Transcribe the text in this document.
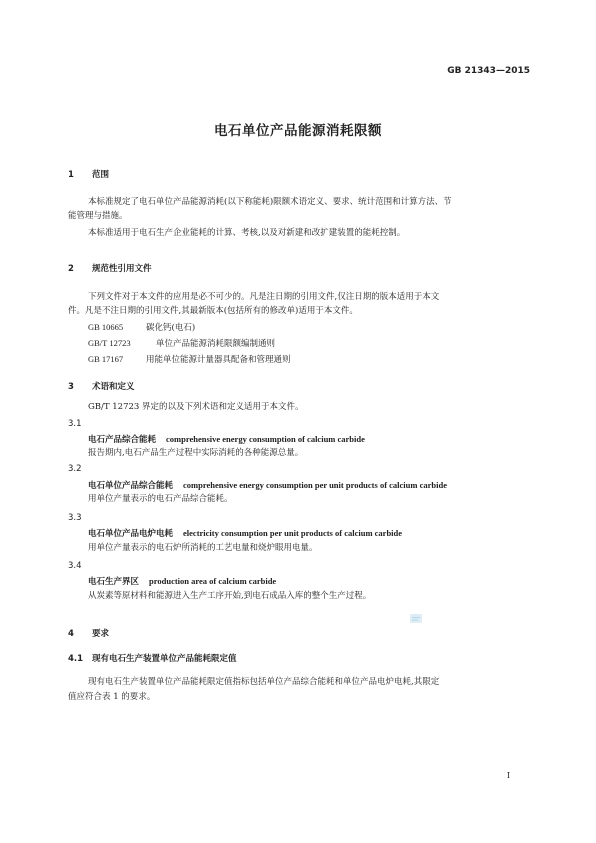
GB 21343—2015
电石单位产品能源消耗限额
1 范围
本标准规定了电石单位产品能源消耗(以下称能耗)限额术语定义、要求、统计范围和计算方法、节
能管理与措施。
本标准适用于电石生产企业能耗的计算、考核,以及对新建和改扩建装置的能耗控制。
2 规范性引用文件
下列文件对于本文件的应用是必不可少的。凡是注日期的引用文件,仅注日期的版本适用于本文
件。凡是不注日期的引用文件,其最新版本(包括所有的修改单)适用于本文件。
GB 10665	碳化钙(电石)
GB/T 12723	单位产品能源消耗限额编制通则
GB 17167	用能单位能源计量器具配备和管理通则
3 术语和定义
GB/T 12723 界定的以及下列术语和定义适用于本文件。
3.1
电石产品综合能耗 comprehensive energy consumption of calcium carbide
报告期内,电石产品生产过程中实际消耗的各种能源总量。
3.2
电石单位产品综合能耗 comprehensive energy consumption per unit products of calcium carbide
用单位产量表示的电石产品综合能耗。
3.3
电石单位产品电炉电耗 electricity consumption per unit products of calcium carbide
用单位产量表示的电石炉所消耗的工艺电量和烧炉眼用电量。
3.4
电石生产界区 production area of calcium carbide
从炭素等原材料和能源进入生产工序开始,到电石成品入库的整个生产过程。
4 要求
4.1 现有电石生产装置单位产品能耗限定值
现有电石生产装置单位产品能耗限定值指标包括单位产品综合能耗和单位产品电炉电耗,其限定
值应符合表 1 的要求。
I
